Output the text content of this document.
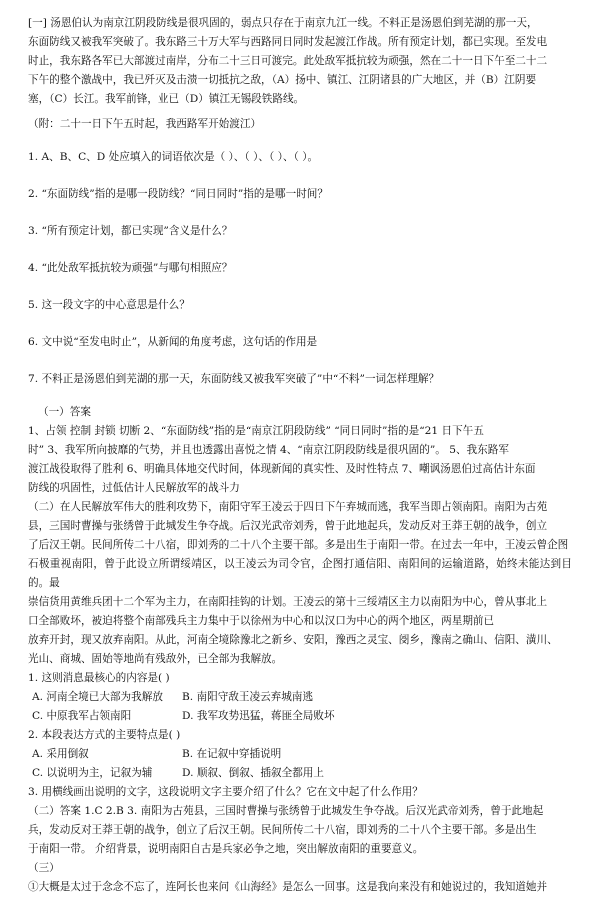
[一] 汤恩伯认为南京江阴段防线是很巩固的，弱点只存在于南京九江一线。不料正是汤恩伯到芜湖的那一天，

东面防线又被我军突破了。我东路三十万大军与西路同日同时发起渡江作战。所有预定计划，都已实现。至发电

时止，我东路各军已大部渡过南岸，分布二十三日可渡完。此处敌军抵抗较为顽强，然在二十一日下午至二十二

下午的整个激战中，我已歼灭及击溃一切抵抗之敌，（A）扬中、镇江、江阴诸县的广大地区，并（B）江阴要

塞，（C）长江。我军前锋，业已（D）镇江无锡段铁路线。

（附：二十一日下午五时起，我西路军开始渡江）

1. A、B、C、D 处应填入的词语依次是（ ）、（ ）、（ ）、（ ）。

2. “东面防线”指的是哪一段防线？“同日同时”指的是哪一时间？

3. “所有预定计划，都已实现”含义是什么？

4. “此处敌军抵抗较为顽强”与哪句相照应？

5. 这一段文字的中心意思是什么？

6. 文中说“至发电时止”，从新闻的角度考虑，这句话的作用是

7. 不料正是汤恩伯到芜湖的那一天，东面防线又被我军突破了”中“不料”一词怎样理解？

（一）答案

1、占领 控制 封锁 切断 2、“东面防线”指的是“南京江阴段防线” “同日同时”指的是“21 日下午五

时” 3、我军所向披靡的气势，并且也透露出喜悦之情 4、“南京江阴段防线是很巩固的”。 5、我东路军

渡江战役取得了胜利 6、明确具体地交代时间，体现新闻的真实性、及时性特点 7、嘲讽汤恩伯过高估计东面

防线的巩固性，过低估计人民解放军的战斗力

（二）在人民解放军伟大的胜利攻势下，南阳守军王凌云于四日下午弃城而逃，我军当即占领南阳。南阳为古苑

县，三国时曹操与张绣曾于此城发生争夺战。后汉光武帝刘秀，曾于此地起兵，发动反对王莽王朝的战争，创立

了后汉王朝。民间所传二十八宿，即刘秀的二十八个主要干部。多是出生于南阳一带。在过去一年中，王凌云曾企图

石极重视南阳，曾于此设立所谓绥靖区，以王凌云为司令官，企图打通信阳、南阳间的运输道路，始终未能达到目的。最

崇信货用黄维兵团十二个军为主力，在南阳挂钩的计划。王凌云的第十三绥靖区主力以南阳为中心，曾从事北上

口全部败坏，被迫将整个南部残兵主力集中于以徐州为中心和以汉口为中心的两个地区，两星期前已

放弃开封，现又放弃南阳。从此，河南全境除豫北之新乡、安阳，豫西之灵宝、阌乡，豫南之确山、信阳、潢川、

光山、商城、固始等地尚有残敌外，已全部为我解放。

1. 这则消息最核心的内容是( )

A. 河南全境已大部为我解放	B. 南阳守敌王凌云弃城南逃
C. 中原我军占领南阳	D. 我军攻势迅猛，蒋匪全局败坏

2. 本段表达方式的主要特点是( )

A. 采用倒叙	B. 在记叙中穿插说明
C. 以说明为主，记叙为辅	D. 顺叙、倒叙、插叙全都用上

3. 用横线画出说明的文字，这段说明文字主要介绍了什么？它在文中起了什么作用？

（二）答案 1.C 2.B 3. 南阳为古苑县，三国时曹操与张绣曾于此城发生争夺战。后汉光武帝刘秀，曾于此地起

兵，发动反对王莽王朝的战争，创立了后汉王朝。民间所传二十八宿，即刘秀的二十八个主要干部。多是出生

于南阳一带。 介绍背景，说明南阳自古是兵家必争之地，突出解放南阳的重要意义。

（三）

①大概是太过于念念不忘了，连阿长也来问《山海经》是怎么一回事。这是我向来没有和她说过的，我知道她并
